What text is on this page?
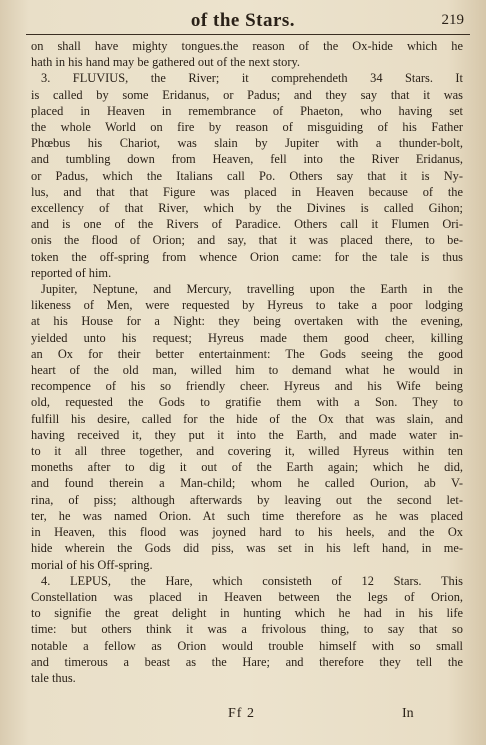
of the Stars.	219
on shall have mighty tongues.the reason of the Ox-hide which he
hath in his hand may be gathered out of the next story.
3. FLUVIUS, the River; it comprehendeth 34 Stars. It
is called by some Eridanus, or Padus; and they say that it was
placed in Heaven in remembrance of Phaeton, who having set
the whole World on fire by reason of misguiding of his Father
Phœbus his Chariot, was slain by Jupiter with a thunder-bolt,
and tumbling down from Heaven, fell into the River Eridanus,
or Padus, which the Italians call Po. Others say that it is Ny-
lus, and that that Figure was placed in Heaven because of the
excellency of that River, which by the Divines is called Gihon;
and is one of the Rivers of Paradice. Others call it Flumen Ori-
onis the flood of Orion; and say, that it was placed there, to be-
token the off-spring from whence Orion came: for the tale is thus
reported of him.
Jupiter, Neptune, and Mercury, travelling upon the Earth in the
likeness of Men, were requested by Hyreus to take a poor lodging
at his House for a Night: they being overtaken with the evening,
yielded unto his request; Hyreus made them good cheer, killing
an Ox for their better entertainment: The Gods seeing the good
heart of the old man, willed him to demand what he would in
recompence of his so friendly cheer. Hyreus and his Wife being
old, requested the Gods to gratifie them with a Son. They to
fulfill his desire, called for the hide of the Ox that was slain, and
having received it, they put it into the Earth, and made water in-
to it all three together, and covering it, willed Hyreus within ten
moneths after to dig it out of the Earth again; which he did,
and found therein a Man-child; whom he called Ourion, ab V-
rina, of piss; although afterwards by leaving out the second let-
ter, he was named Orion. At such time therefore as he was placed
in Heaven, this flood was joyned hard to his heels, and the Ox
hide wherein the Gods did piss, was set in his left hand, in me-
morial of his Off-spring.
4. LEPUS, the Hare, which consisteth of 12 Stars. This
Constellation was placed in Heaven between the legs of Orion,
to signifie the great delight in hunting which he had in his life
time: but others think it was a frivolous thing, to say that so
notable a fellow as Orion would trouble himself with so small
and timerous a beast as the Hare; and therefore they tell the
tale thus.
Ff 2	In
